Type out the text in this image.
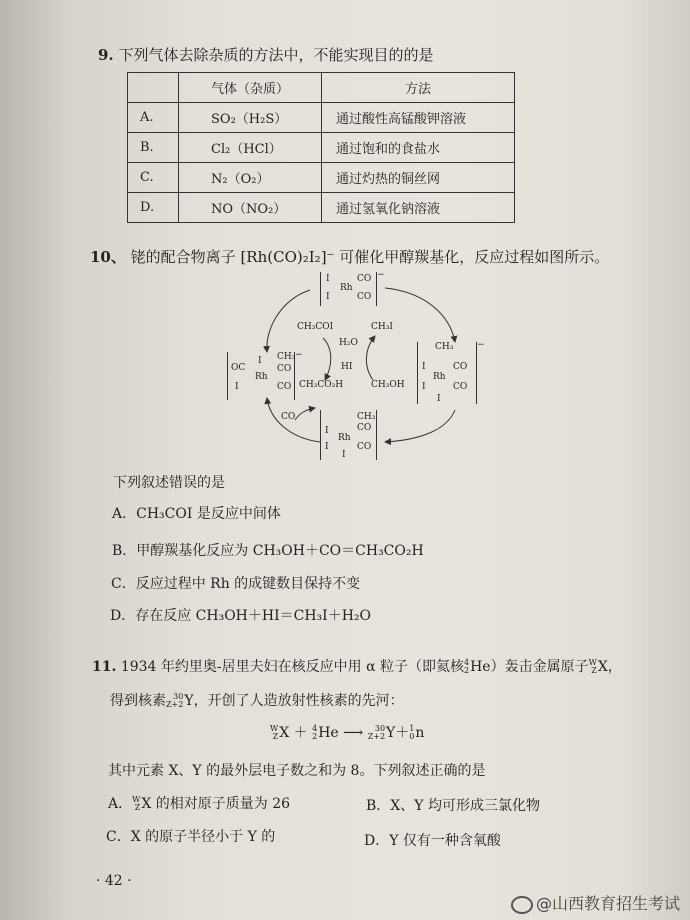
9. 下列气体去除杂质的方法中，不能实现目的的是
	气体（杂质）	方法
A.	SO₂（H₂S）	通过酸性高锰酸钾溶液
B.	Cl₂（HCl）	通过饱和的食盐水
C.	N₂（O₂）	通过灼热的铜丝网
D.	NO（NO₂）	通过氢氧化钠溶液
10、 铑的配合物离子 [Rh(CO)₂I₂]⁻ 可催化甲醇羰基化，反应过程如图所示。
I
Rh
CO
I	CO
−
CH₃
I
Rh
CO
I	CO
I
−
CH₃
I	CO
Rh
CO
I
I
CH₃
OC
I
Rh
CO
I	CO
−
CH₃COI	CH₃I
H₂O
HI
CH₃CO₂H	CH₃OH
CO
下列叙述错误的是
A．CH₃COI 是反应中间体
B．甲醇羰基化反应为 CH₃OH＋CO＝CH₃CO₂H
C．反应过程中 Rh 的成键数目保持不变
D．存在反应 CH₃OH＋HI＝CH₃I＋H₂O
11. 1934 年约里奥-居里夫妇在核反应中用 α 粒子（即氦核4
2He）轰击金属原子W
ZX，
得到核素 30
Z+2Y，开创了人造放射性核素的先河：
W
ZX ＋ 4
2He ⟶ 30
Z+2Y＋1
0n
其中元素 X、Y 的最外层电子数之和为 8。下列叙述正确的是
A．W
ZX 的相对原子质量为 26	B．X、Y 均可形成三氯化物
C．X 的原子半径小于 Y 的	D．Y 仅有一种含氧酸
· 42 ·
@山西教育招生考试
